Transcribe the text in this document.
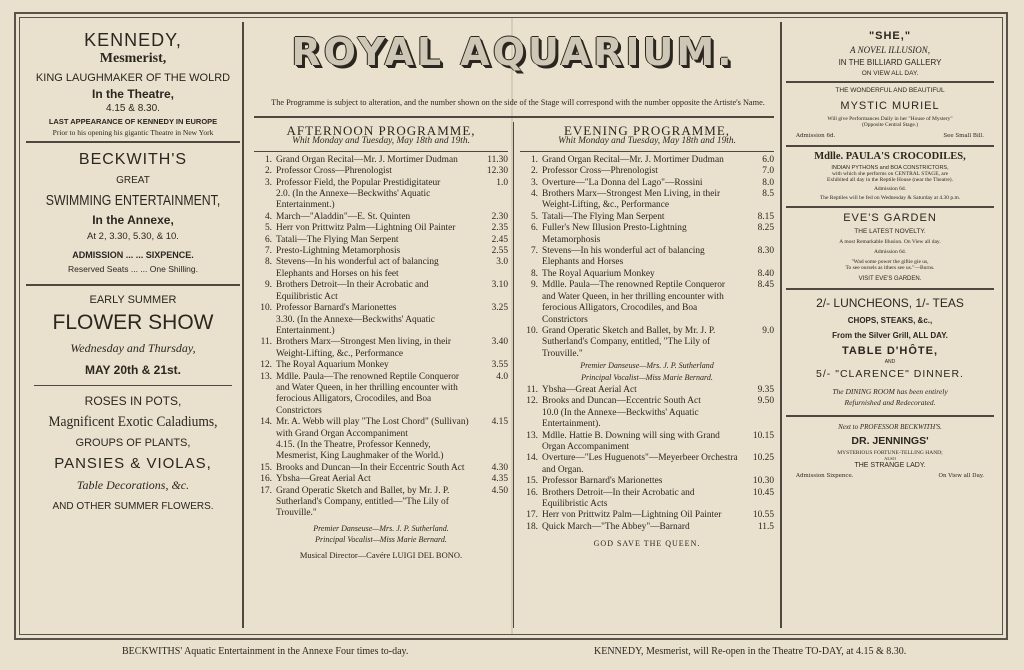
KENNEDY,
Mesmerist,
KING LAUGHMAKER OF THE WOLRD
In the Theatre,
4.15 & 8.30.
LAST APPEARANCE OF KENNEDY IN EUROPE
Prior to his opening his gigantic Theatre in New York
BECKWITH'S
GREAT
SWIMMING ENTERTAINMENT,
In the Annexe,
At 2, 3.30, 5.30, & 10.
ADMISSION ... ... SIXPENCE.
Reserved Seats ... ... One Shilling.
EARLY SUMMER
FLOWER SHOW
Wednesday and Thursday,
MAY 20th & 21st.
ROSES IN POTS,
Magnificent Exotic Caladiums,
GROUPS OF PLANTS,
PANSIES & VIOLAS,
Table Decorations, &c.
AND OTHER SUMMER FLOWERS.
ROYAL AQUARIUM.
The Programme is subject to alteration, and the number shown on the side of the Stage will correspond with the number opposite the Artiste's Name.
AFTERNOON PROGRAMME,
Whit Monday and Tuesday, May 18th and 19th.
1. Grand Organ Recital—Mr. J. Mortimer Dudman	11.30
2. Professor Cross—Phrenologist	12.30
3. Professor Field, the Popular Prestidigitateur	1.0
2.0. (In the Annexe—Beckwiths' Aquatic Entertainment.)
4. March—"Aladdin"—E. St. Quinten	2.30
5. Herr von Prittwitz Palm—Lightning Oil Painter	2.35
6. Tatali—The Flying Man Serpent	2.45
7. Presto-Lightning Metamorphosis	2.55
8. Stevens—In his wonderful act of balancing Elephants and Horses on his feet
3.0
9. Brothers Detroit—In their Acrobatic and Equilibristic Act
3.10
10. Professor Barnard's Marionettes	3.25
3.30. (In the Annexe—Beckwiths' Aquatic Entertainment.)
11. Brothers Marx—Strongest Men living, in their Weight-Lifting, &c., Performance
3.40
12. The Royal Aquarium Monkey	3.55
13. Mdlle. Paula—The renowned Reptile Conqueror and Water Queen, in her thrilling encounter with ferocious Alligators, Crocodiles, and Boa Constrictors
4.0
14. Mr. A. Webb will play "The Lost Chord" (Sullivan) with Grand Organ Accompaniment
4.15
4.15. (In the Theatre, Professor Kennedy, Mesmerist, King Laughmaker of the World.)
15. Brooks and Duncan—In their Eccentric South Act	4.30
16. Ybsha—Great Aerial Act	4.35
17. Grand Operatic Sketch and Ballet, by Mr. J. P. Sutherland's Company, entitled—"The Lily of Trouville."
4.50
Premier Danseuse—Mrs. J. P. Sutherland.
Principal Vocalist—Miss Marie Bernard.
Musical Director—Cavére LUIGI DEL BONO.
EVENING PROGRAMME,
Whit Monday and Tuesday, May 18th and 19th.
1. Grand Organ Recital—Mr. J. Mortimer Dudman	6.0
2. Professor Cross—Phrenologist	7.0
3. Overture—"La Donna del Lago"—Rossini	8.0
4. Brothers Marx—Strongest Men Living, in their Weight-Lifting, &c., Performance
8.5
5. Tatali—The Flying Man Serpent	8.15
6. Fuller's New Illusion Presto-Lightning Metamorphosis
8.25
7. Stevens—In his wonderful act of balancing Elephants and Horses
8.30
8. The Royal Aquarium Monkey	8.40
9. Mdlle. Paula—The renowned Reptile Conqueror and Water Queen, in her thrilling encounter with ferocious Alligators, Crocodiles, and Boa Constrictors
8.45
10. Grand Operatic Sketch and Ballet, by Mr. J. P. Sutherland's Company, entitled, "The Lily of Trouville."
9.0
Premier Danseuse—Mrs. J. P. Sutherland
Principal Vocalist—Miss Marie Bernard.
11. Ybsha—Great Aerial Act	9.35
12. Brooks and Duncan—Eccentric South Act	9.50
10.0 (In the Annexe—Beckwiths' Aquatic Entertainment).
13. Mdlle. Hattie B. Downing will sing with Grand Organ Accompaniment
10.15
14. Overture—"Les Huguenots"—Meyerbeer Orchestra and Organ.
10.25
15. Professor Barnard's Marionettes	10.30
16. Brothers Detroit—In their Acrobatic and Equilibristic Acts
10.45
17. Herr von Prittwitz Palm—Lightning Oil Painter	10.55
18. Quick March—"The Abbey"—Barnard	11.5
GOD SAVE THE QUEEN.
"SHE,"
A NOVEL ILLUSION,
IN THE BILLIARD GALLERY
ON VIEW ALL DAY.
THE WONDERFUL AND BEAUTIFUL
MYSTIC MURIEL
Will give Performances Daily in her "House of Mystery"
(Opposite Central Stage.)
Admission 6d.	See Small Bill.
Mdlle. PAULA'S CROCODILES,
INDIAN PYTHONS and BOA CONSTRICTORS,
with which she performs on CENTRAL STAGE, are
Exhibited all day in the Reptile House (near the Theatre).
Admission 6d.
The Reptiles will be fed on Wednesday & Saturday at 4.30 p.m.
EVE'S GARDEN
THE LATEST NOVELTY.
A most Remarkable Illusion. On View all day.
Admission 6d.
"Wad some power the giftie gie us,
To see oursels as ithers see us."—Burns.
VISIT EVE'S GARDEN.
2/- LUNCHEONS, 1/- TEAS
CHOPS, STEAKS, &c.,
From the Silver Grill, ALL DAY.
TABLE D'HÔTE,
AND
5/- "CLARENCE" DINNER.
The DINING ROOM has been entirely
Refurnished and Redecorated.
Next to PROFESSOR BECKWITH'S.
DR. JENNINGS'
MYSTERIOUS FORTUNE-TELLING HAND;
ALSO
THE STRANGE LADY.
Admission Sixpence.	On View all Day.
BECKWITHS' Aquatic Entertainment in the Annexe Four times to-day.	KENNEDY, Mesmerist, will Re-open in the Theatre TO-DAY, at 4.15 & 8.30.
